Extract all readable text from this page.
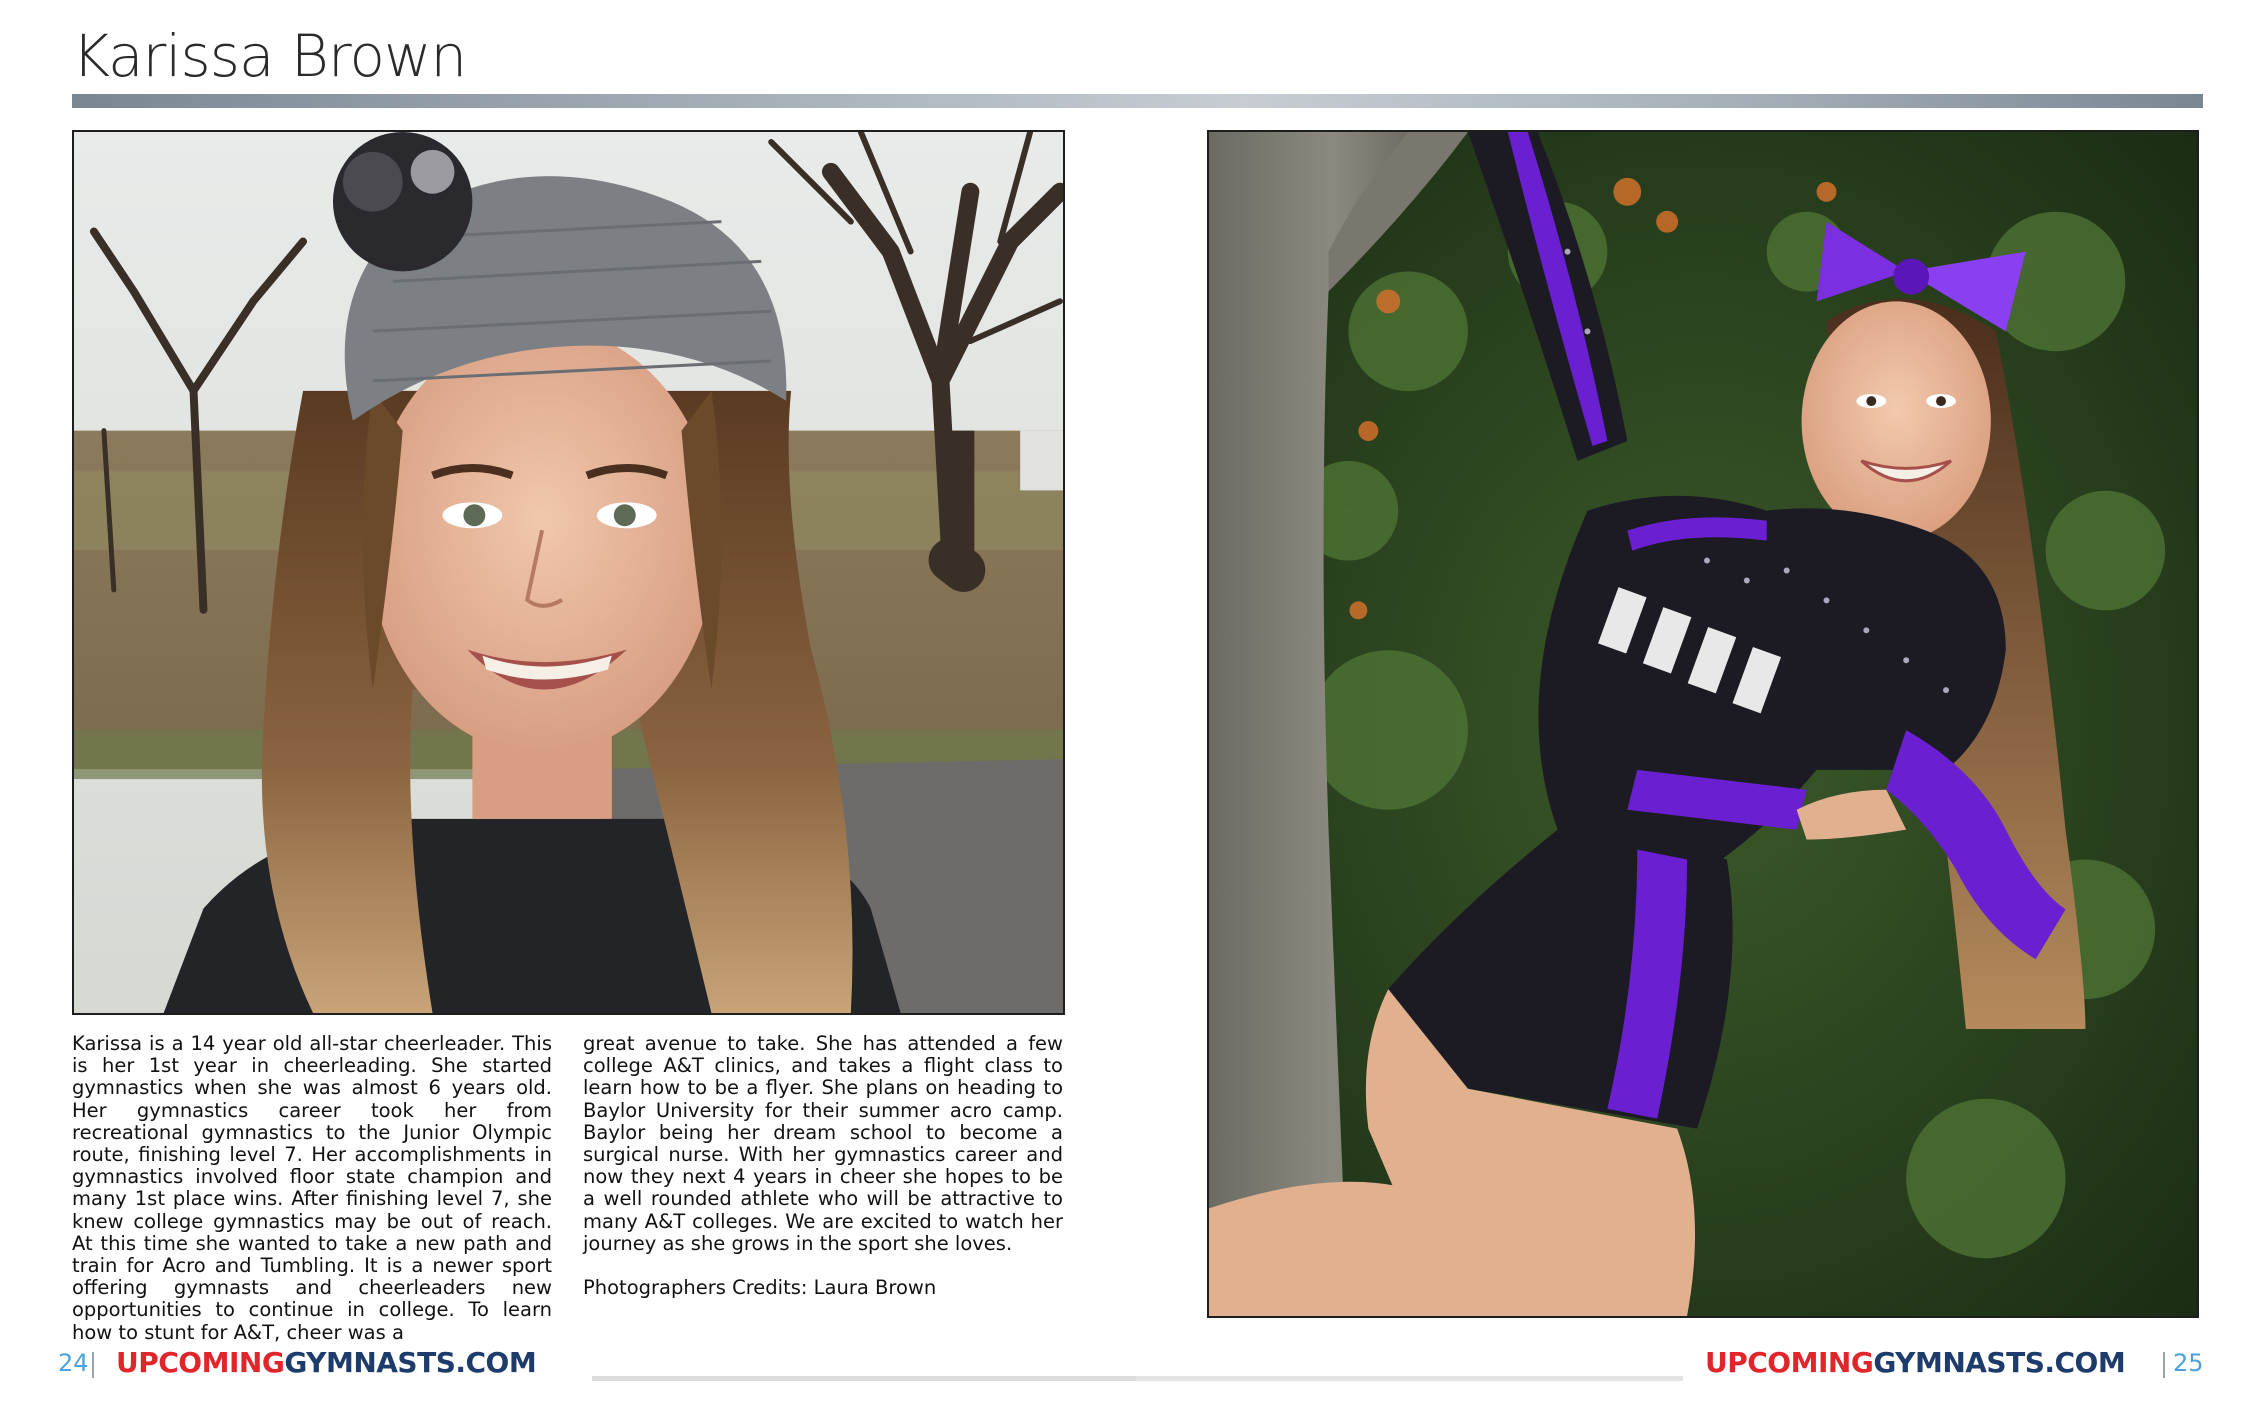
Karissa Brown

Karissa is a 14 year old all-star cheerleader. This is her 1st year in cheerleading. She started gymnastics when she was almost 6 years old. Her gymnastics career took her from recreational gymnastics to the Junior Olympic route, finishing level 7. Her accomplishments in gymnastics involved floor state champion and many 1st place wins. After finishing level 7, she knew college gymnastics may be out of reach. At this time she wanted to take a new path and train for Acro and Tumbling. It is a newer sport offering gymnasts and cheerleaders new opportunities to continue in college. To learn how to stunt for A&T, cheer was a

great avenue to take. She has attended a few college A&T clinics, and takes a flight class to learn how to be a flyer. She plans on heading to Baylor University for their summer acro camp. Baylor being her dream school to become a surgical nurse. With her gymnastics career and now they next 4 years in cheer she hopes to be a well rounded athlete who will be attractive to many A&T colleges. We are excited to watch her journey as she grows in the sport she loves.

Photographers Credits: Laura Brown

24 UPCOMINGGYMNASTS.COM	UPCOMINGGYMNASTS.COM 25
